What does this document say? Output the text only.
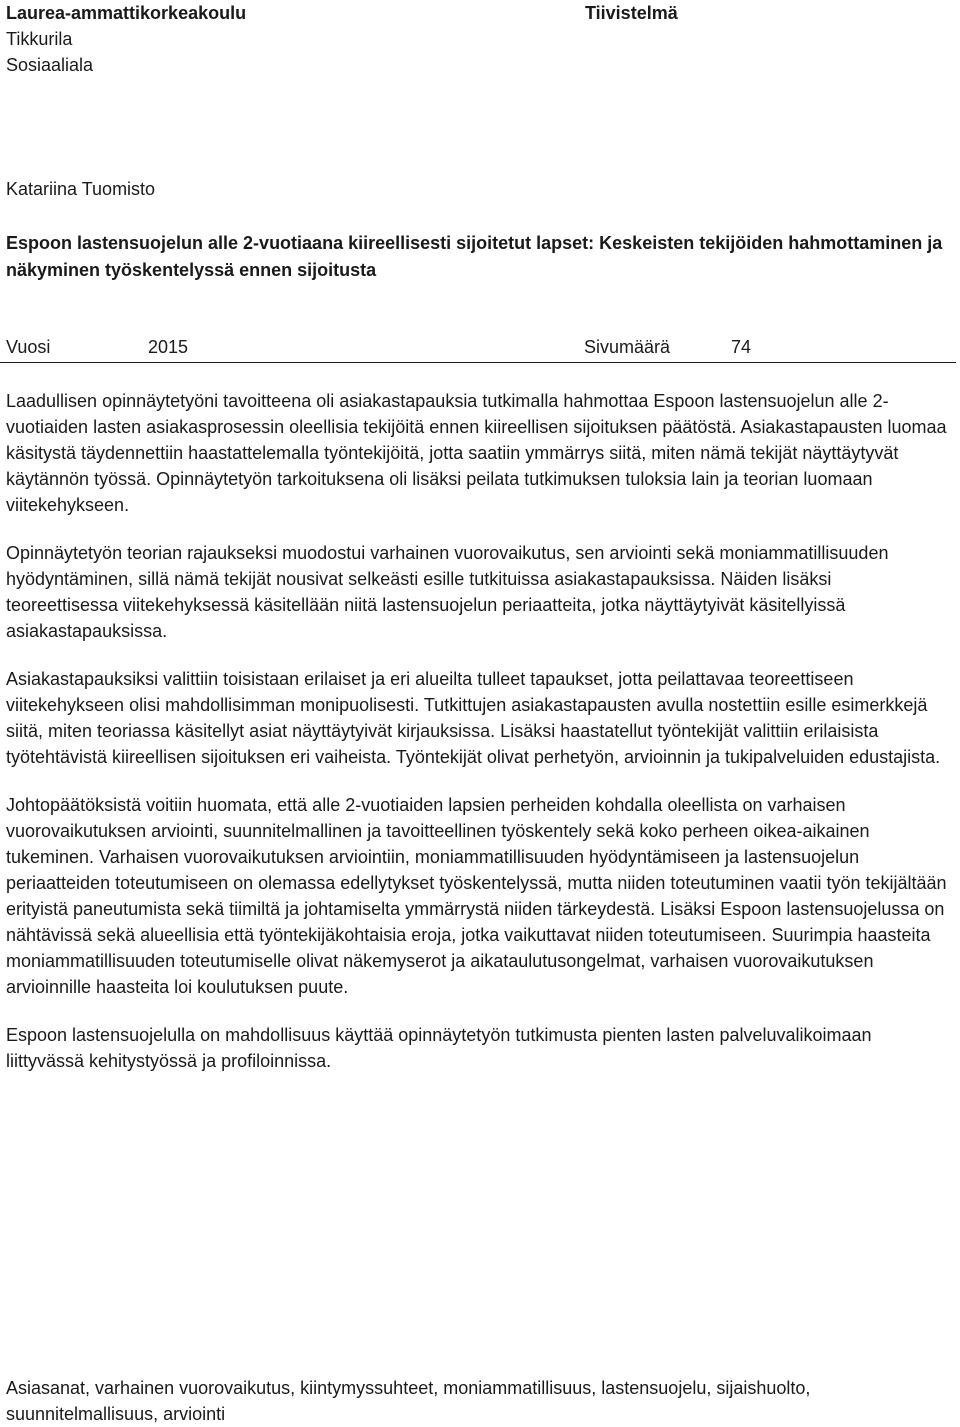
Laurea-ammattikorkeakoulu
Tikkurila
Sosiaaliala
Tiivistelmä
Katariina Tuomisto
Espoon lastensuojelun alle 2-vuotiaana kiireellisesti sijoitetut lapset: Keskeisten tekijöiden hahmottaminen ja näkyminen työskentelyssä ennen sijoitusta
Vuosi	2015	Sivumäärä	74

Laadullisen opinnäytetyöni tavoitteena oli asiakastapauksia tutkimalla hahmottaa Espoon lastensuojelun alle 2-vuotiaiden lasten asiakasprosessin oleellisia tekijöitä ennen kiireellisen sijoituksen päätöstä. Asiakastapausten luomaa käsitystä täydennettiin haastattelemalla työntekijöitä, jotta saatiin ymmärrys siitä, miten nämä tekijät näyttäytyvät käytännön työssä. Opinnäytetyön tarkoituksena oli lisäksi peilata tutkimuksen tuloksia lain ja teorian luomaan viitekehykseen.

Opinnäytetyön teorian rajaukseksi muodostui varhainen vuorovaikutus, sen arviointi sekä moniammatillisuuden hyödyntäminen, sillä nämä tekijät nousivat selkeästi esille tutkituissa asiakastapauksissa. Näiden lisäksi teoreettisessa viitekehyksessä käsitellään niitä lastensuojelun periaatteita, jotka näyttäytyivät käsitellyissä asiakastapauksissa.

Asiakastapauksiksi valittiin toisistaan erilaiset ja eri alueilta tulleet tapaukset, jotta peilattavaa teoreettiseen viitekehykseen olisi mahdollisimman monipuolisesti. Tutkittujen asiakastapausten avulla nostettiin esille esimerkkejä siitä, miten teoriassa käsitellyt asiat näyttäytyivät kirjauksissa. Lisäksi haastatellut työntekijät valittiin erilaisista työtehtävistä kiireellisen sijoituksen eri vaiheista. Työntekijät olivat perhetyön, arvioinnin ja tukipalveluiden edustajista.

Johtopäätöksistä voitiin huomata, että alle 2-vuotiaiden lapsien perheiden kohdalla oleellista on varhaisen vuorovaikutuksen arviointi, suunnitelmallinen ja tavoitteellinen työskentely sekä koko perheen oikea-aikainen tukeminen. Varhaisen vuorovaikutuksen arviointiin, moniammatillisuuden hyödyntämiseen ja lastensuojelun periaatteiden toteutumiseen on olemassa edellytykset työskentelyssä, mutta niiden toteutuminen vaatii työn tekijältään erityistä paneutumista sekä tiimiltä ja johtamiselta ymmärrystä niiden tärkeydestä. Lisäksi Espoon lastensuojelussa on nähtävissä sekä alueellisia että työntekijäkohtaisia eroja, jotka vaikuttavat niiden toteutumiseen. Suurimpia haasteita moniammatillisuuden toteutumiselle olivat näkemyserot ja aikataulutusongelmat, varhaisen vuorovaikutuksen arvioinnille haasteita loi koulutuksen puute.

Espoon lastensuojelulla on mahdollisuus käyttää opinnäytetyön tutkimusta pienten lasten palveluvalikoimaan liittyvässä kehitystyössä ja profiloinnissa.

Asiasanat, varhainen vuorovaikutus, kiintymyssuhteet, moniammatillisuus, lastensuojelu, sijaishuolto, suunnitelmallisuus, arviointi
